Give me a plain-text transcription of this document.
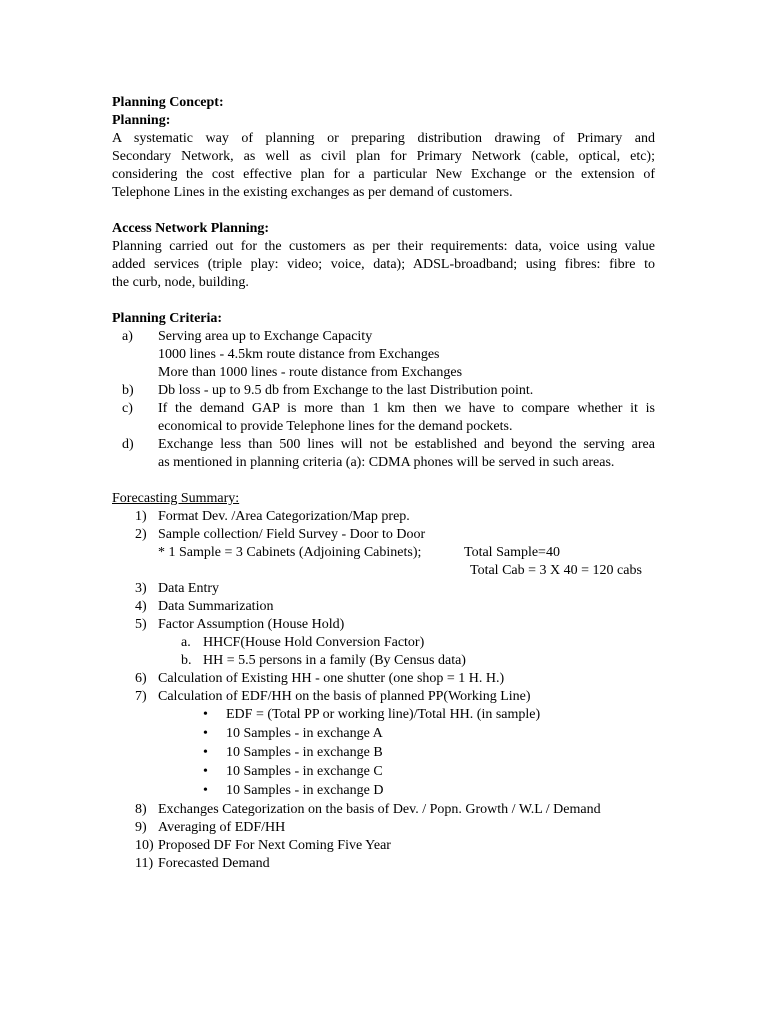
Planning Concept:
Planning:
A systematic way of planning or preparing distribution drawing of Primary and
Secondary Network, as well as civil plan for Primary Network (cable, optical, etc);
considering the cost effective plan for a particular New Exchange or the extension of
Telephone Lines in the existing exchanges as per demand of customers.
Access Network Planning:
Planning carried out for the customers as per their requirements: data, voice using value
added services (triple play: video; voice, data); ADSL-broadband; using fibres: fibre to
the curb, node, building.
Planning Criteria:
a)	Serving area up to Exchange Capacity
1000 lines - 4.5km route distance from Exchanges
More than 1000 lines - route distance from Exchanges
b)	Db loss - up to 9.5 db from Exchange to the last Distribution point.
c)	If the demand GAP is more than 1 km then we have to compare whether it is
economical to provide Telephone lines for the demand pockets.
d)	Exchange less than 500 lines will not be established and beyond the serving area
as mentioned in planning criteria (a): CDMA phones will be served in such areas.
Forecasting Summary:
1) Format Dev. /Area Categorization/Map prep.
2) Sample collection/ Field Survey - Door to Door
* 1 Sample = 3 Cabinets (Adjoining Cabinets);	Total Sample=40
Total Cab = 3 X 40 = 120 cabs
3) Data Entry
4) Data Summarization
5) Factor Assumption (House Hold)
a. HHCF(House Hold Conversion Factor)
b. HH = 5.5 persons in a family (By Census data)
6) Calculation of Existing HH - one shutter (one shop = 1 H. H.)
7) Calculation of EDF/HH on the basis of planned PP(Working Line)
• EDF = (Total PP or working line)/Total HH. (in sample)
• 10 Samples - in exchange A
• 10 Samples - in exchange B
• 10 Samples - in exchange C
• 10 Samples - in exchange D
8) Exchanges Categorization on the basis of Dev. / Popn. Growth / W.L / Demand
9) Averaging of EDF/HH
10) Proposed DF For Next Coming Five Year
11) Forecasted Demand
